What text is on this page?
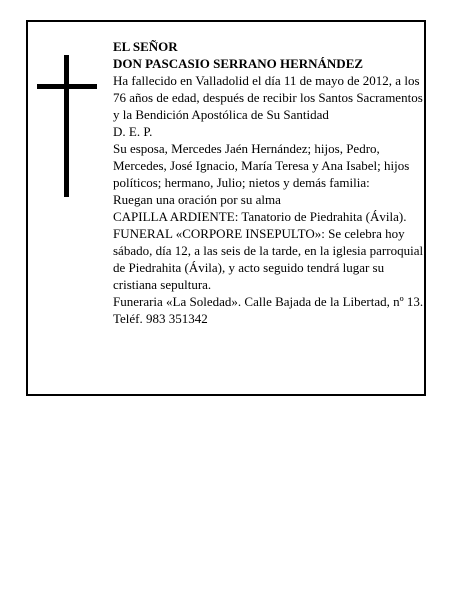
EL SEÑOR

DON PASCASIO SERRANO HERNÁNDEZ

Ha fallecido en Valladolid el día 11 de mayo de 2012, a los 76 años de edad, después de recibir los Santos Sacramentos y la Bendición Apostólica de Su Santidad

D. E. P.

Su esposa, Mercedes Jaén Hernández; hijos, Pedro, Mercedes, José Ignacio, María Teresa y Ana Isabel; hijos políticos; hermano, Julio; nietos y demás familia:

Ruegan una oración por su alma

CAPILLA ARDIENTE: Tanatorio de Piedrahita (Ávila).

FUNERAL «CORPORE INSEPULTO»: Se celebra hoy sábado, día 12, a las seis de la tarde, en la iglesia parroquial de Piedrahita (Ávila), y acto seguido tendrá lugar su cristiana sepultura.

Funeraria «La Soledad». Calle Bajada de la Libertad, nº 13. Teléf. 983 351342
